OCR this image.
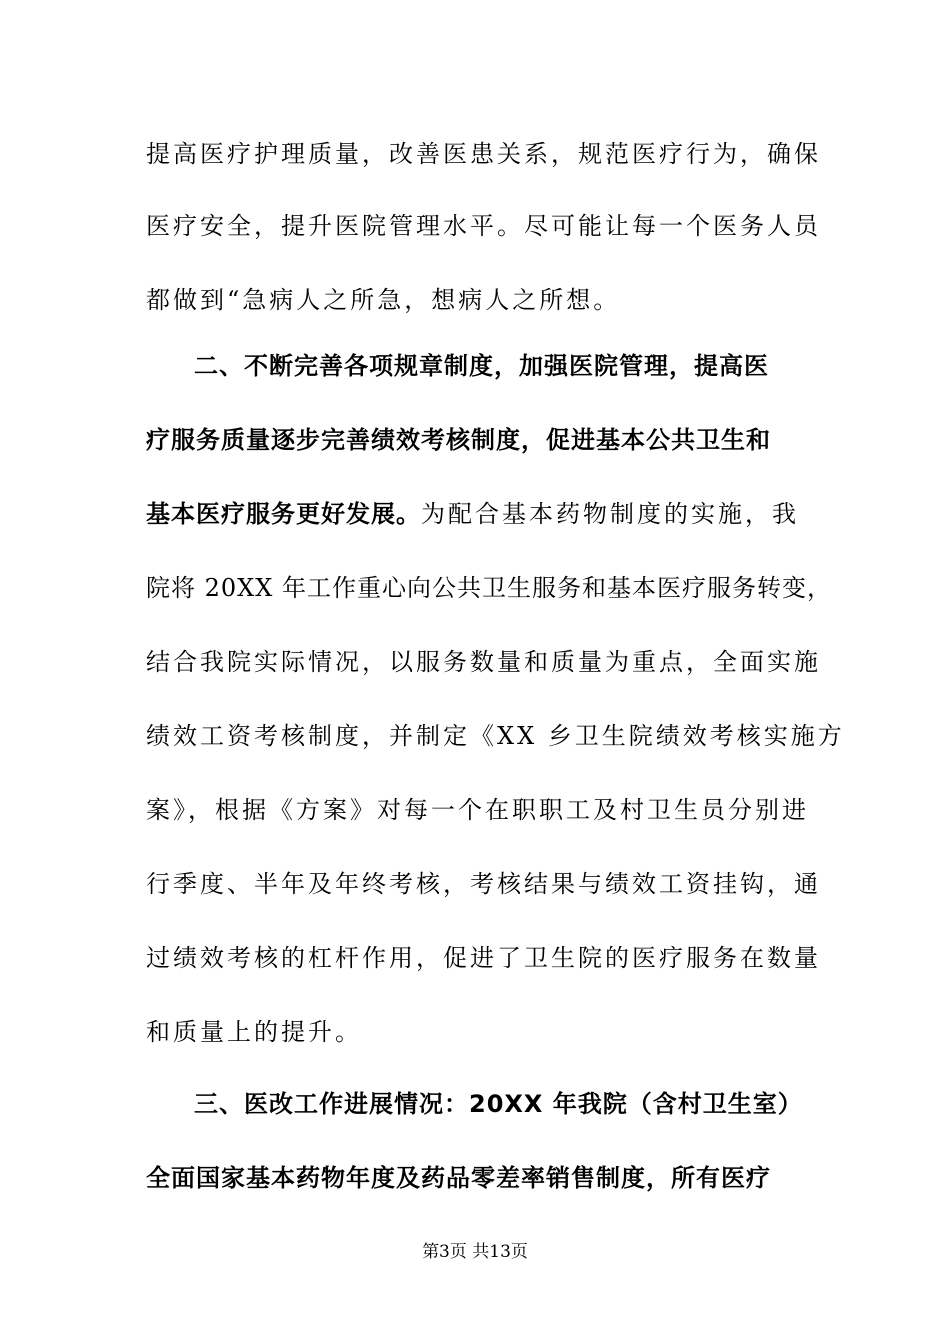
提高医疗护理质量，改善医患关系，规范医疗行为，确保
医疗安全，提升医院管理水平。尽可能让每一个医务人员
都做到“急病人之所急，想病人之所想。
二、不断完善各项规章制度，加强医院管理，提高医
疗服务质量逐步完善绩效考核制度，促进基本公共卫生和
基本医疗服务更好发展。为配合基本药物制度的实施，我
院将 20XX 年工作重心向公共卫生服务和基本医疗服务转变，
结合我院实际情况，以服务数量和质量为重点，全面实施
绩效工资考核制度，并制定《XX 乡卫生院绩效考核实施方
案》，根据《方案》对每一个在职职工及村卫生员分别进
行季度、半年及年终考核，考核结果与绩效工资挂钩，通
过绩效考核的杠杆作用，促进了卫生院的医疗服务在数量
和质量上的提升。
三、医改工作进展情况：20XX 年我院（含村卫生室）
全面国家基本药物年度及药品零差率销售制度，所有医疗
第3页 共13页
